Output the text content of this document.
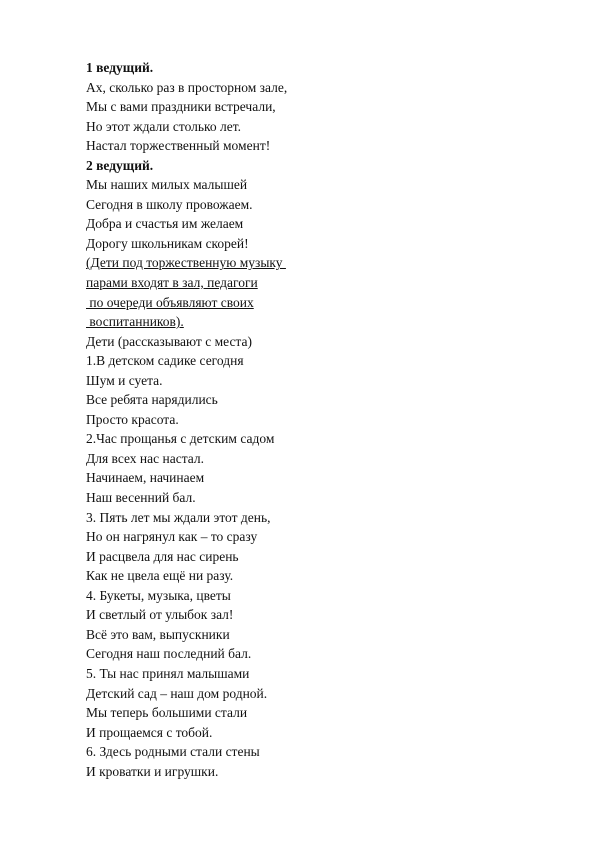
1 ведущий.
Ах, сколько раз в просторном зале,
Мы с вами праздники встречали,
Но этот ждали столько лет.
Настал торжественный момент!
2 ведущий.
Мы наших милых малышей
Сегодня в школу провожаем.
Добра и счастья им желаем
Дорогу школьникам скорей!
(Дети под торжественную музыку
парами входят в зал, педагоги
по очереди объявляют своих
воспитанников).
Дети (рассказывают с места)
1.В детском садике сегодня
Шум и суета.
Все ребята нарядились
Просто красота.
2.Час прощанья с детским садом
Для всех нас настал.
Начинаем, начинаем
Наш весенний бал.
3. Пять лет мы ждали этот день,
Но он нагрянул как – то сразу
И расцвела для нас сирень
Как не цвела ещё ни разу.
4. Букеты, музыка, цветы
И светлый от улыбок зал!
Всё это вам, выпускники
Сегодня наш последний бал.
5. Ты нас принял малышами
Детский сад – наш дом родной.
Мы теперь большими стали
И прощаемся с тобой.
6. Здесь родными стали стены
И кроватки и игрушки.
